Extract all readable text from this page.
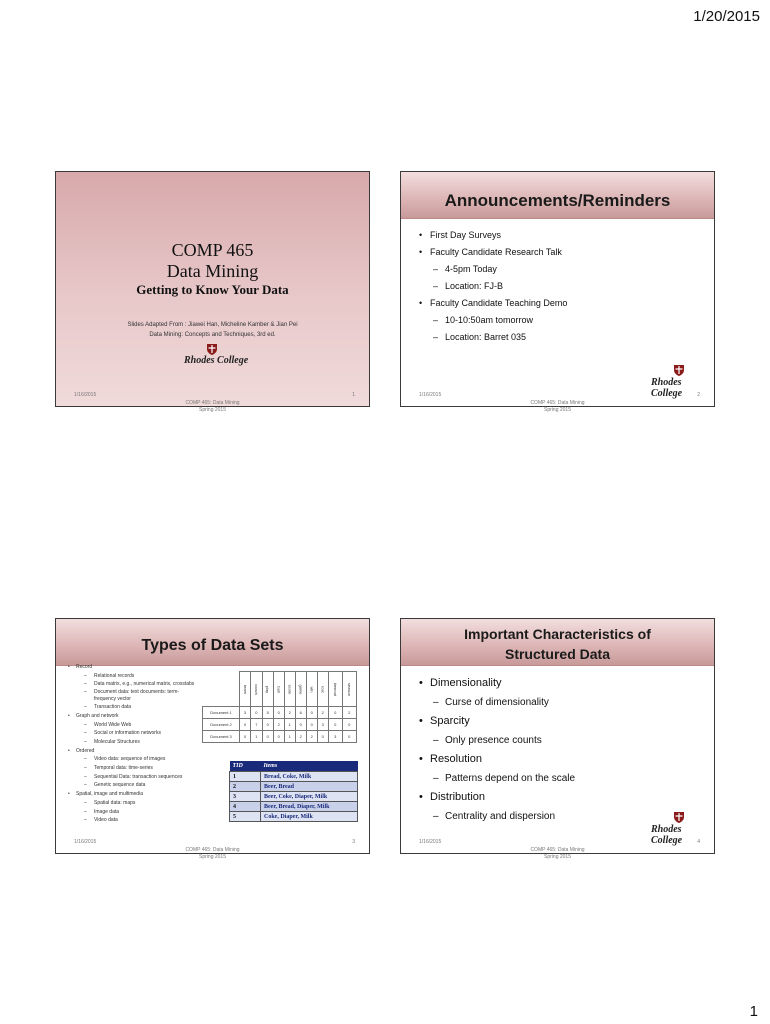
1/20/2015
COMP 465
Data Mining
Getting to Know Your Data
Slides Adapted From : Jiawei Han, Micheline Kamber & Jian Pei
Data Mining: Concepts and Techniques, 3rd ed.
Rhodes College
1/16/2015
COMP 465: Data Mining
Spring 2015
1
Announcements/Reminders
• First Day Surveys
• Faculty Candidate Research Talk
– 4-5pm Today
– Location: FJ-B
• Faculty Candidate Teaching Demo
– 10-10:50am tomorrow
– Location: Barret 035
Rhodes College
1/16/2015
COMP 465: Data Mining
Spring 2015
2
Types of Data Sets
• Record
– Relational records
– Data matrix, e.g., numerical matrix, crosstabs
– Document data: text documents: term-frequency vector
– Transaction data
• Graph and network
– World Wide Web
– Social or information networks
– Molecular Structures
• Ordered
– Video data: sequence of images
– Temporal data: time-series
– Sequential Data: transaction sequences
– Genetic sequence data
• Spatial, image and multimedia
– Spatial data: maps
– Image data
– Video data
	team	coach	play	ball	score	game	win	lost	timeout	season
Document 1	3	0	5	0	2	6	0	2	0	2
Document 2	0	7	0	2	1	0	0	3	0	0
Document 3	0	1	0	0	1	2	2	0	3	0
TID	Items
1	Bread, Coke, Milk
2	Beer, Bread
3	Beer, Coke, Diaper, Milk
4	Beer, Bread, Diaper, Milk
5	Coke, Diaper, Milk
1/16/2015
COMP 465: Data Mining
Spring 2015
3
Important Characteristics of
Structured Data
• Dimensionality
– Curse of dimensionality
• Sparcity
– Only presence counts
• Resolution
– Patterns depend on the scale
• Distribution
– Centrality and dispersion
Rhodes College
1/16/2015
COMP 465: Data Mining
Spring 2015
4
1
